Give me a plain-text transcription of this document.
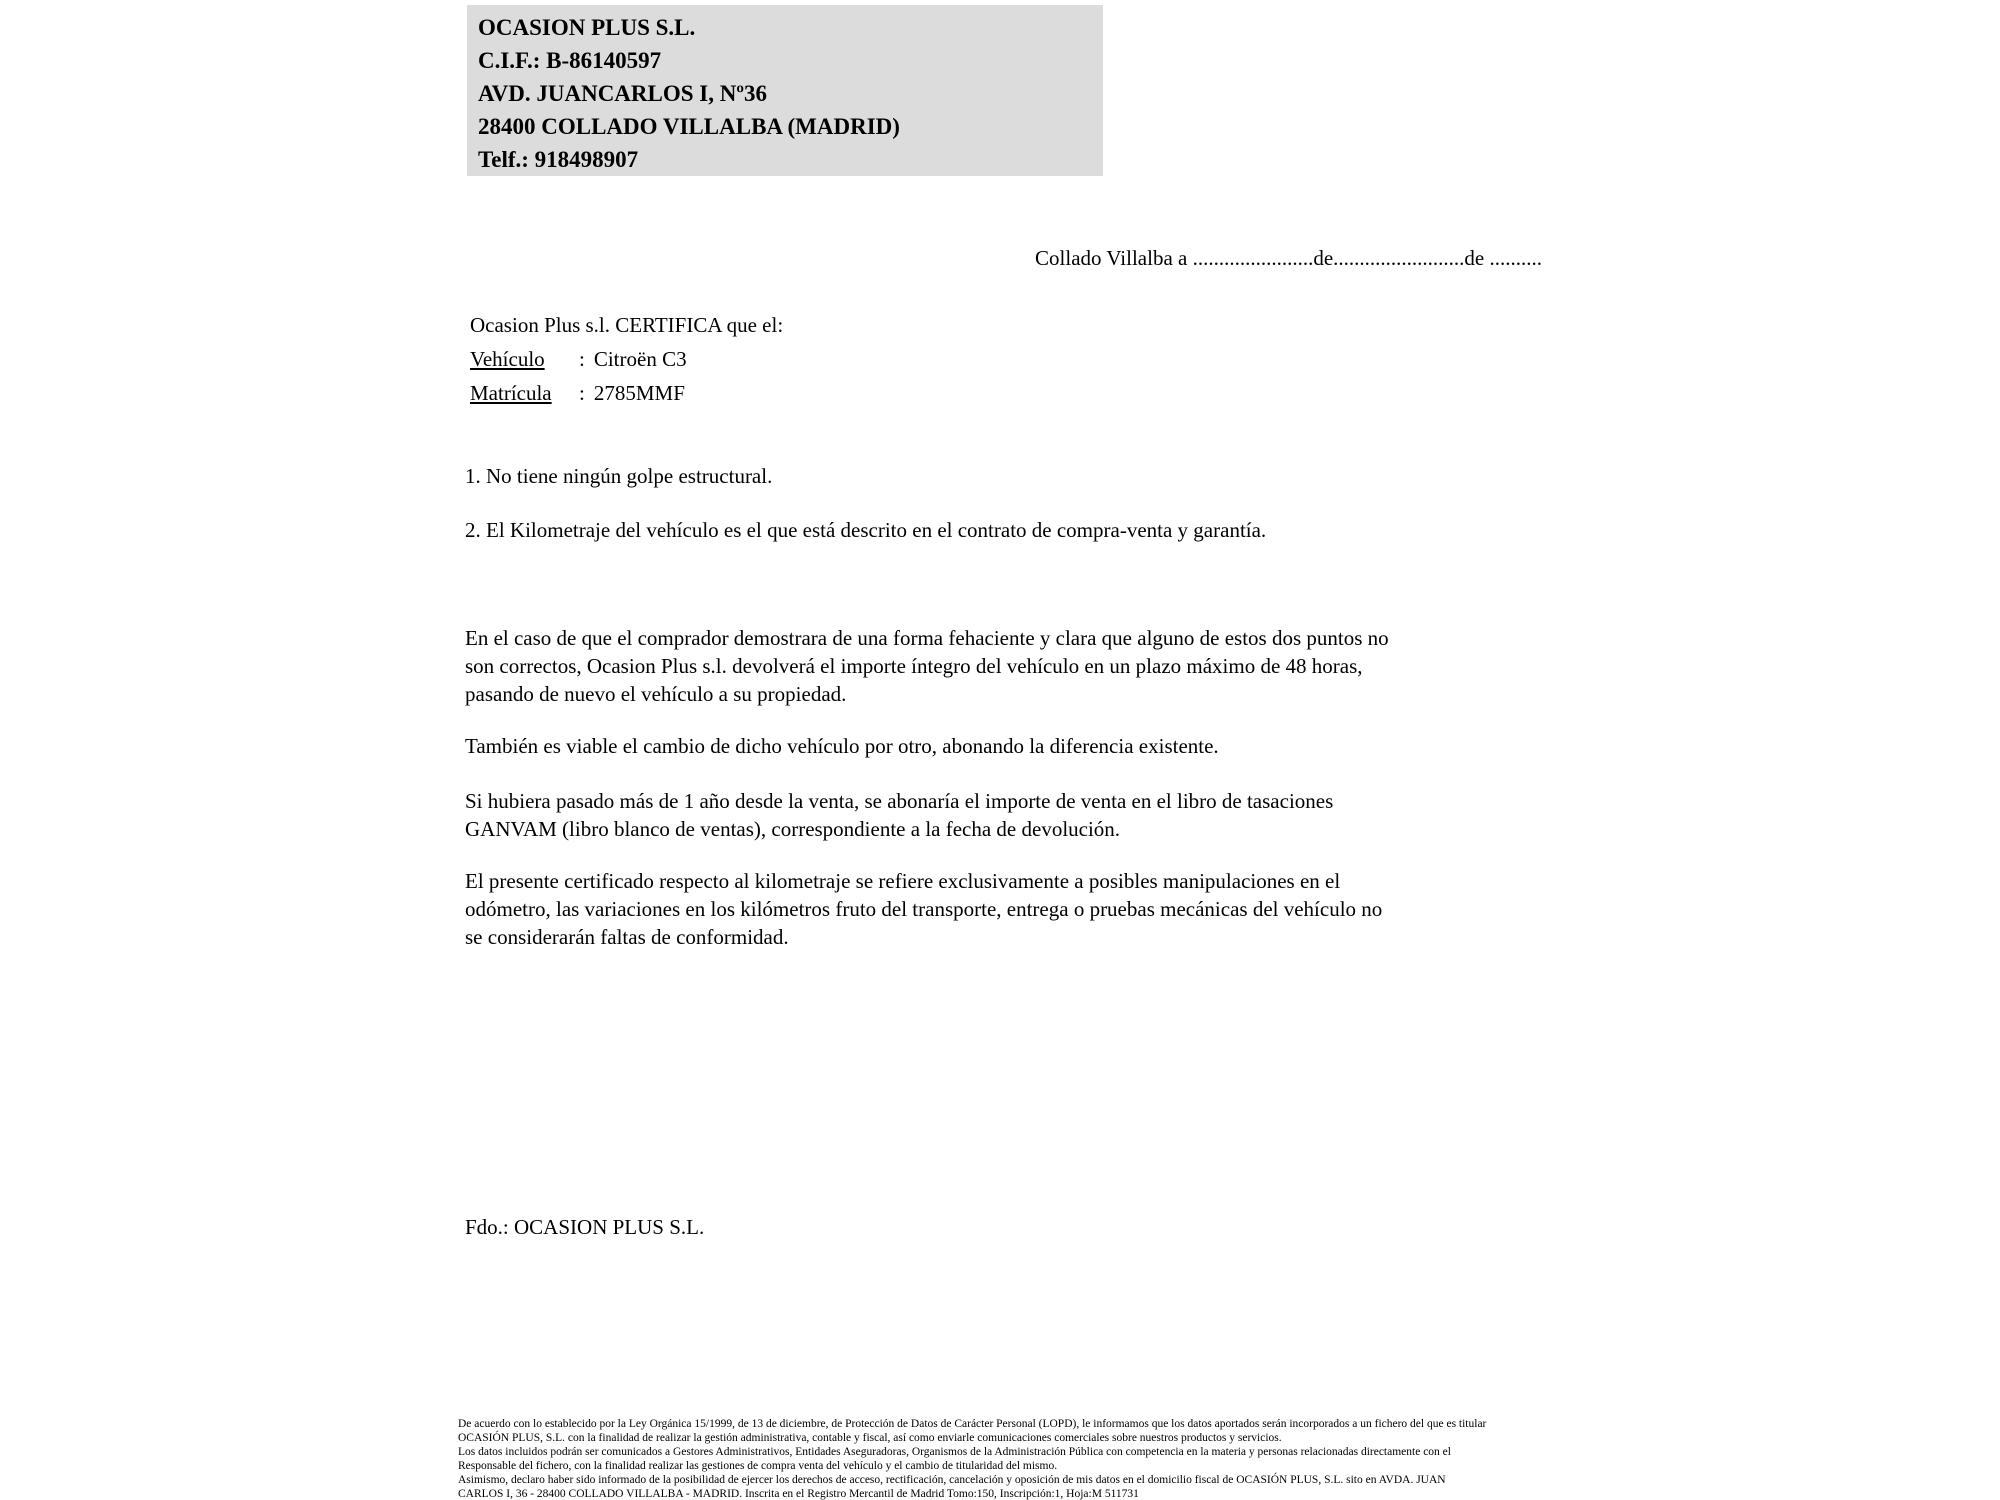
OCASION PLUS S.L.
C.I.F.: B-86140597
AVD. JUANCARLOS I, Nº36
28400 COLLADO VILLALBA (MADRID)
Telf.: 918498907
Collado Villalba a .......................de.........................de ..........
Ocasion Plus s.l. CERTIFICA que el:
Vehículo : Citroën C3
Matrícula : 2785MMF
1. No tiene ningún golpe estructural.
2. El Kilometraje del vehículo es el que está descrito en el contrato de compra-venta y garantía.
En el caso de que el comprador demostrara de una forma fehaciente y clara que alguno de estos dos puntos no
son correctos, Ocasion Plus s.l. devolverá el importe íntegro del vehículo en un plazo máximo de 48 horas,
pasando de nuevo el vehículo a su propiedad.
También es viable el cambio de dicho vehículo por otro, abonando la diferencia existente.
Si hubiera pasado más de 1 año desde la venta, se abonaría el importe de venta en el libro de tasaciones
GANVAM (libro blanco de ventas), correspondiente a la fecha de devolución.
El presente certificado respecto al kilometraje se refiere exclusivamente a posibles manipulaciones en el
odómetro, las variaciones en los kilómetros fruto del transporte, entrega o pruebas mecánicas del vehículo no
se considerarán faltas de conformidad.
Fdo.: OCASION PLUS S.L.
De acuerdo con lo establecido por la Ley Orgánica 15/1999, de 13 de diciembre, de Protección de Datos de Carácter Personal (LOPD), le informamos que los datos aportados serán incorporados a un fichero del que es titular
OCASIÓN PLUS, S.L. con la finalidad de realizar la gestión administrativa, contable y fiscal, así como enviarle comunicaciones comerciales sobre nuestros productos y servicios.
Los datos incluidos podrán ser comunicados a Gestores Administrativos, Entidades Aseguradoras, Organismos de la Administración Pública con competencia en la materia y personas relacionadas directamente con el
Responsable del fichero, con la finalidad realizar las gestiones de compra venta del vehículo y el cambio de titularidad del mismo.
Asimismo, declaro haber sido informado de la posibilidad de ejercer los derechos de acceso, rectificación, cancelación y oposición de mis datos en el domicilio fiscal de OCASIÓN PLUS, S.L. sito en AVDA. JUAN
CARLOS I, 36 - 28400 COLLADO VILLALBA - MADRID. Inscrita en el Registro Mercantil de Madrid Tomo:150, Inscripción:1, Hoja:M 511731
